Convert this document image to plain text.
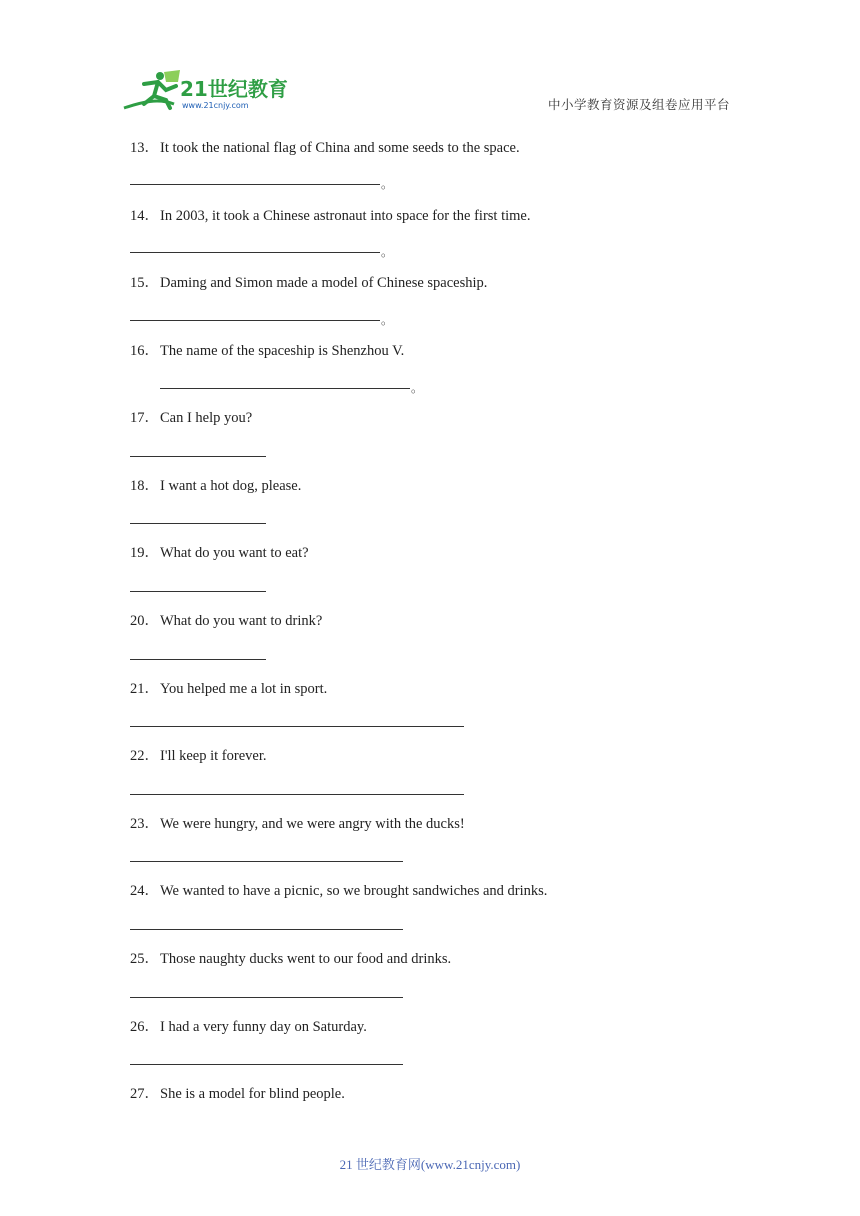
21世纪教育
www.21cnjy.com	中小学教育资源及组卷应用平台
13．It took the national flag of China and some seeds to the space.
。
14．In 2003, it took a Chinese astronaut into space for the first time.
。
15．Daming and Simon made a model of Chinese spaceship.
。
16．The name of the spaceship is Shenzhou V.
。
17．Can I help you?
18．I want a hot dog, please.
19．What do you want to eat?
20．What do you want to drink?
21．You helped me a lot in sport.
22．I'll keep it forever.
23．We were hungry, and we were angry with the ducks!
24．We wanted to have a picnic, so we brought sandwiches and drinks.
25．Those naughty ducks went to our food and drinks.
26．I had a very funny day on Saturday.
27．She is a model for blind people.
21 世纪教育网(www.21cnjy.com)
